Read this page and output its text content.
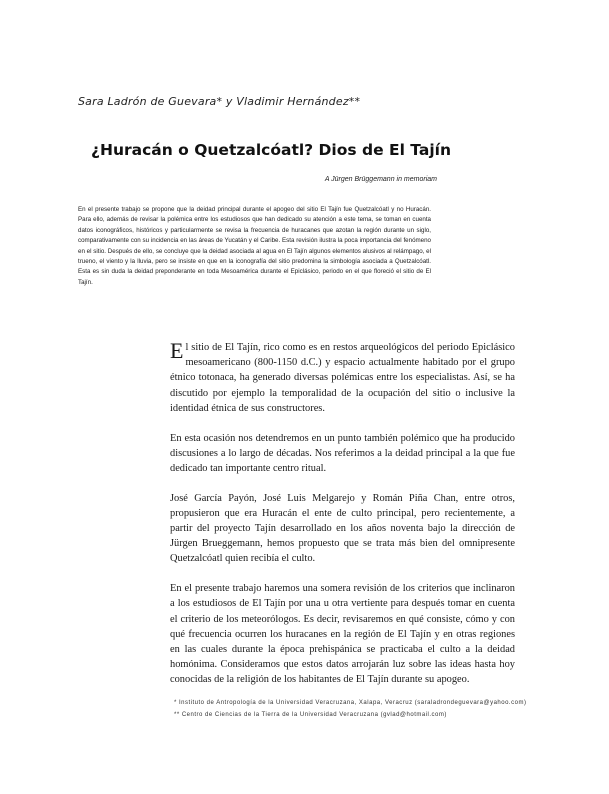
Sara Ladrón de Guevara* y Vladimir Hernández**
¿Huracán o Quetzalcóatl? Dios de El Tajín
A Jürgen Brüggemann in memoriam

En el presente trabajo se propone que la deidad principal durante el apogeo del sitio El Tajín fue Quetzalcóatl y no Huracán. Para ello, además de revisar la polémica entre los estudiosos que han dedicado su atención a este tema, se toman en cuenta datos iconográficos, históricos y particularmente se revisa la frecuencia de huracanes que azotan la región durante un siglo, comparativamente con su incidencia en las áreas de Yucatán y el Caribe. Esta revisión ilustra la poca importancia del fenómeno en el sitio. Después de ello, se concluye que la deidad asociada al agua en El Tajín algunos elementos alusivos al relámpago, el trueno, el viento y la lluvia, pero se insiste en que en la iconografía del sitio predomina la simbología asociada a Quetzalcóatl. Esta es sin duda la deidad preponderante en toda Mesoamérica durante el Epiclásico, periodo en el que floreció el sitio de El Tajín.

El sitio de El Tajín, rico como es en restos arqueológicos del periodo Epiclásico mesoamericano (800-1150 d.C.) y espacio actualmente habitado por el grupo étnico totonaca, ha generado diversas polémicas entre los especialistas. Así, se ha discutido por ejemplo la temporalidad de la ocupación del sitio o inclusive la identidad étnica de sus constructores.

En esta ocasión nos detendremos en un punto también polémico que ha producido discusiones a lo largo de décadas. Nos referimos a la deidad principal a la que fue dedicado tan importante centro ritual.

José García Payón, José Luis Melgarejo y Román Piña Chan, entre otros, propusieron que era Huracán el ente de culto principal, pero recientemente, a partir del proyecto Tajín desarrollado en los años noventa bajo la dirección de Jürgen Brueggemann, hemos propuesto que se trata más bien del omnipresente Quetzalcóatl quien recibía el culto.

En el presente trabajo haremos una somera revisión de los criterios que inclinaron a los estudiosos de El Tajín por una u otra vertiente para después tomar en cuenta el criterio de los meteorólogos. Es decir, revisaremos en qué consiste, cómo y con qué frecuencia ocurren los huracanes en la región de El Tajín y en otras regiones en las cuales durante la época prehispánica se practicaba el culto a la deidad homónima. Consideramos que estos datos arrojarán luz sobre las ideas hasta hoy conocidas de la religión de los habitantes de El Tajín durante su apogeo.

* Instituto de Antropología de la Universidad Veracruzana, Xalapa, Veracruz (saraladrondeguevara@yahoo.com)
** Centro de Ciencias de la Tierra de la Universidad Veracruzana (gvlad@hotmail.com)
